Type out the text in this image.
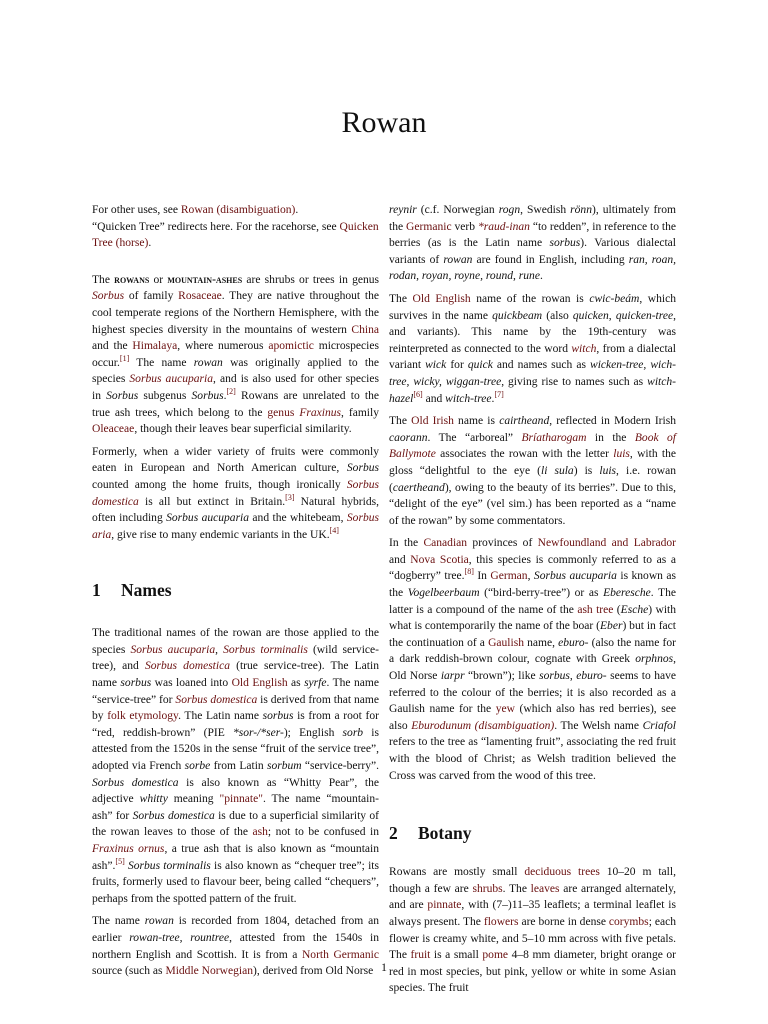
Rowan

For other uses, see Rowan (disambiguation).
“Quicken Tree” redirects here. For the racehorse, see Quicken Tree (horse).

The rowans or mountain-ashes are shrubs or trees in genus Sorbus of family Rosaceae. They are native throughout the cool temperate regions of the Northern Hemisphere, with the highest species diversity in the mountains of western China and the Himalaya, where numerous apomictic microspecies occur.[1] The name rowan was originally applied to the species Sorbus aucuparia, and is also used for other species in Sorbus subgenus Sorbus.[2] Rowans are unrelated to the true ash trees, which belong to the genus Fraxinus, family Oleaceae, though their leaves bear superficial similarity.

Formerly, when a wider variety of fruits were commonly eaten in European and North American culture, Sorbus counted among the home fruits, though ironically Sorbus domestica is all but extinct in Britain.[3] Natural hybrids, often including Sorbus aucuparia and the whitebeam, Sorbus aria, give rise to many endemic variants in the UK.[4]

1 Names

The traditional names of the rowan are those applied to the species Sorbus aucuparia, Sorbus torminalis (wild service-tree), and Sorbus domestica (true service-tree). The Latin name sorbus was loaned into Old English as syrfe. The name “service-tree” for Sorbus domestica is derived from that name by folk etymology. The Latin name sorbus is from a root for “red, reddish-brown” (PIE *sor-/*ser-); English sorb is attested from the 1520s in the sense “fruit of the service tree”, adopted via French sorbe from Latin sorbum “service-berry”. Sorbus domestica is also known as “Whitty Pear”, the adjective whitty meaning "pinnate". The name “mountain-ash” for Sorbus domestica is due to a superficial similarity of the rowan leaves to those of the ash; not to be confused in Fraxinus ornus, a true ash that is also known as “mountain ash”.[5] Sorbus torminalis is also known as “chequer tree”; its fruits, formerly used to flavour beer, being called “chequers”, perhaps from the spotted pattern of the fruit.

The name rowan is recorded from 1804, detached from an earlier rowan-tree, rountree, attested from the 1540s in northern English and Scottish. It is from a North Germanic source (such as Middle Norwegian), derived from Old Norse

reynir (c.f. Norwegian rogn, Swedish rönn), ultimately from the Germanic verb *raud-inan “to redden”, in reference to the berries (as is the Latin name sorbus). Various dialectal variants of rowan are found in English, including ran, roan, rodan, royan, royne, round, rune.

The Old English name of the rowan is cwic-beám, which survives in the name quickbeam (also quicken, quicken-tree, and variants). This name by the 19th-century was reinterpreted as connected to the word witch, from a dialectal variant wick for quick and names such as wicken-tree, wich-tree, wicky, wiggan-tree, giving rise to names such as witch-hazel[6] and witch-tree.[7]

The Old Irish name is cairtheand, reflected in Modern Irish caorann. The “arboreal” Bríatharogam in the Book of Ballymote associates the rowan with the letter luis, with the gloss “delightful to the eye (li sula) is luis, i.e. rowan (caertheand), owing to the beauty of its berries”. Due to this, “delight of the eye” (vel sim.) has been reported as a “name of the rowan” by some commentators.

In the Canadian provinces of Newfoundland and Labrador and Nova Scotia, this species is commonly referred to as a “dogberry” tree.[8] In German, Sorbus aucuparia is known as the Vogelbeerbaum (“bird-berry-tree”) or as Eberesche. The latter is a compound of the name of the ash tree (Esche) with what is contemporarily the name of the boar (Eber) but in fact the continuation of a Gaulish name, eburo- (also the name for a dark reddish-brown colour, cognate with Greek orphnos, Old Norse iarpr “brown”); like sorbus, eburo- seems to have referred to the colour of the berries; it is also recorded as a Gaulish name for the yew (which also has red berries), see also Eburodunum (disambiguation). The Welsh name Criafol refers to the tree as “lamenting fruit”, associating the red fruit with the blood of Christ; as Welsh tradition believed the Cross was carved from the wood of this tree.

2 Botany

Rowans are mostly small deciduous trees 10–20 m tall, though a few are shrubs. The leaves are arranged alternately, and are pinnate, with (7–)11–35 leaflets; a terminal leaflet is always present. The flowers are borne in dense corymbs; each flower is creamy white, and 5–10 mm across with five petals. The fruit is a small pome 4–8 mm diameter, bright orange or red in most species, but pink, yellow or white in some Asian species. The fruit

1
